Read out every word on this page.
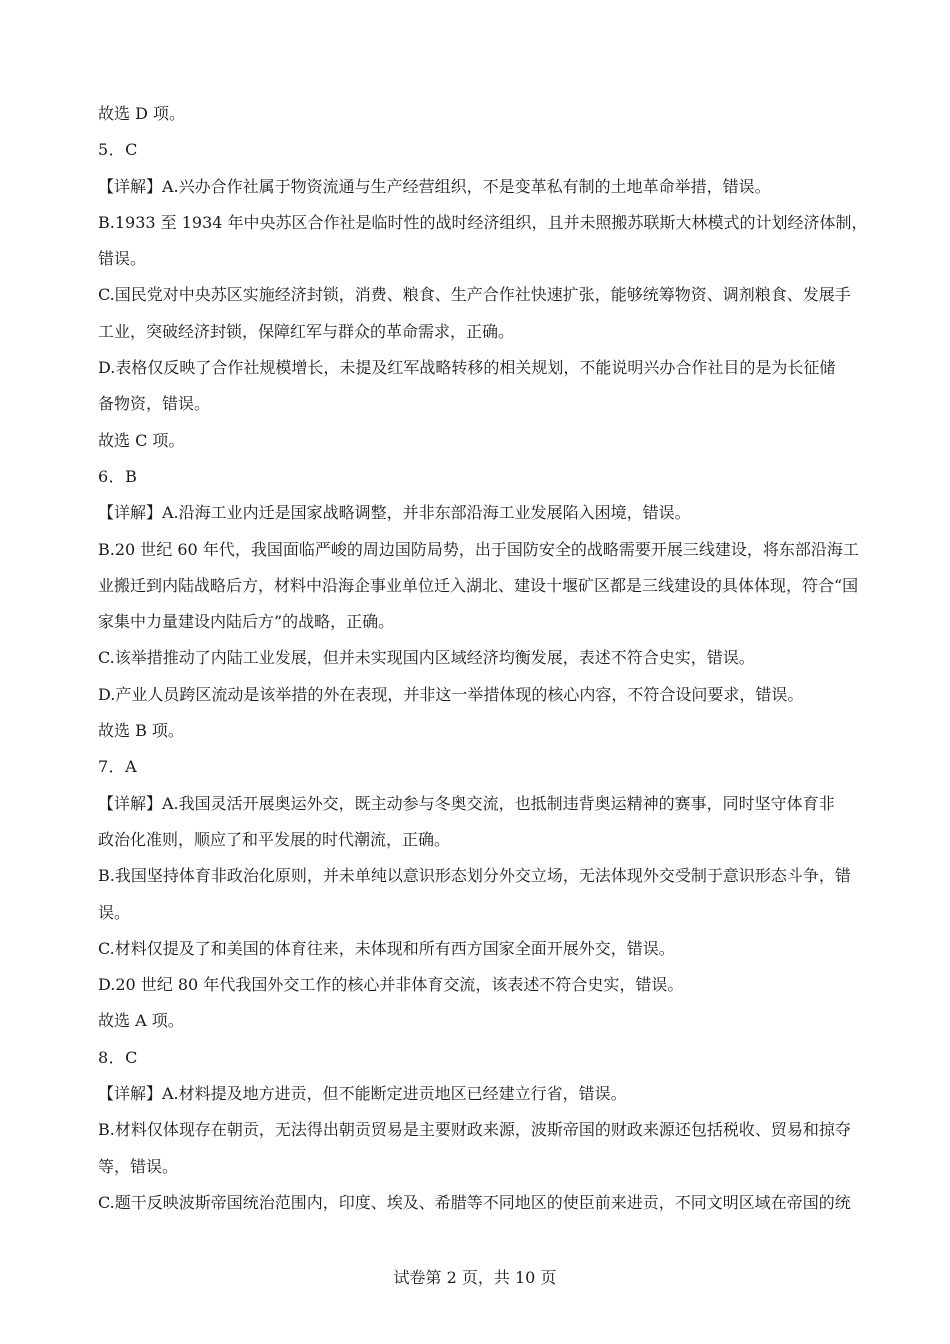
故选 D 项。
5．C
【详解】A.兴办合作社属于物资流通与生产经营组织，不是变革私有制的土地革命举措，错误。
B.1933 至 1934 年中央苏区合作社是临时性的战时经济组织，且并未照搬苏联斯大林模式的计划经济体制，
错误。
C.国民党对中央苏区实施经济封锁，消费、粮食、生产合作社快速扩张，能够统筹物资、调剂粮食、发展手
工业，突破经济封锁，保障红军与群众的革命需求，正确。
D.表格仅反映了合作社规模增长，未提及红军战略转移的相关规划，不能说明兴办合作社目的是为长征储
备物资，错误。
故选 C 项。
6．B
【详解】A.沿海工业内迁是国家战略调整，并非东部沿海工业发展陷入困境，错误。
B.20 世纪 60 年代，我国面临严峻的周边国防局势，出于国防安全的战略需要开展三线建设，将东部沿海工
业搬迁到内陆战略后方，材料中沿海企事业单位迁入湖北、建设十堰矿区都是三线建设的具体体现，符合“国
家集中力量建设内陆后方”的战略，正确。
C.该举措推动了内陆工业发展，但并未实现国内区域经济均衡发展，表述不符合史实，错误。
D.产业人员跨区流动是该举措的外在表现，并非这一举措体现的核心内容，不符合设问要求，错误。
故选 B 项。
7．A
【详解】A.我国灵活开展奥运外交，既主动参与冬奥交流，也抵制违背奥运精神的赛事，同时坚守体育非
政治化准则，顺应了和平发展的时代潮流，正确。
B.我国坚持体育非政治化原则，并未单纯以意识形态划分外交立场，无法体现外交受制于意识形态斗争，错
误。
C.材料仅提及了和美国的体育往来，未体现和所有西方国家全面开展外交，错误。
D.20 世纪 80 年代我国外交工作的核心并非体育交流，该表述不符合史实，错误。
故选 A 项。
8．C
【详解】A.材料提及地方进贡，但不能断定进贡地区已经建立行省，错误。
B.材料仅体现存在朝贡，无法得出朝贡贸易是主要财政来源，波斯帝国的财政来源还包括税收、贸易和掠夺
等，错误。
C.题干反映波斯帝国统治范围内，印度、埃及、希腊等不同地区的使臣前来进贡，不同文明区域在帝国的统
试卷第 2 页，共 10 页
